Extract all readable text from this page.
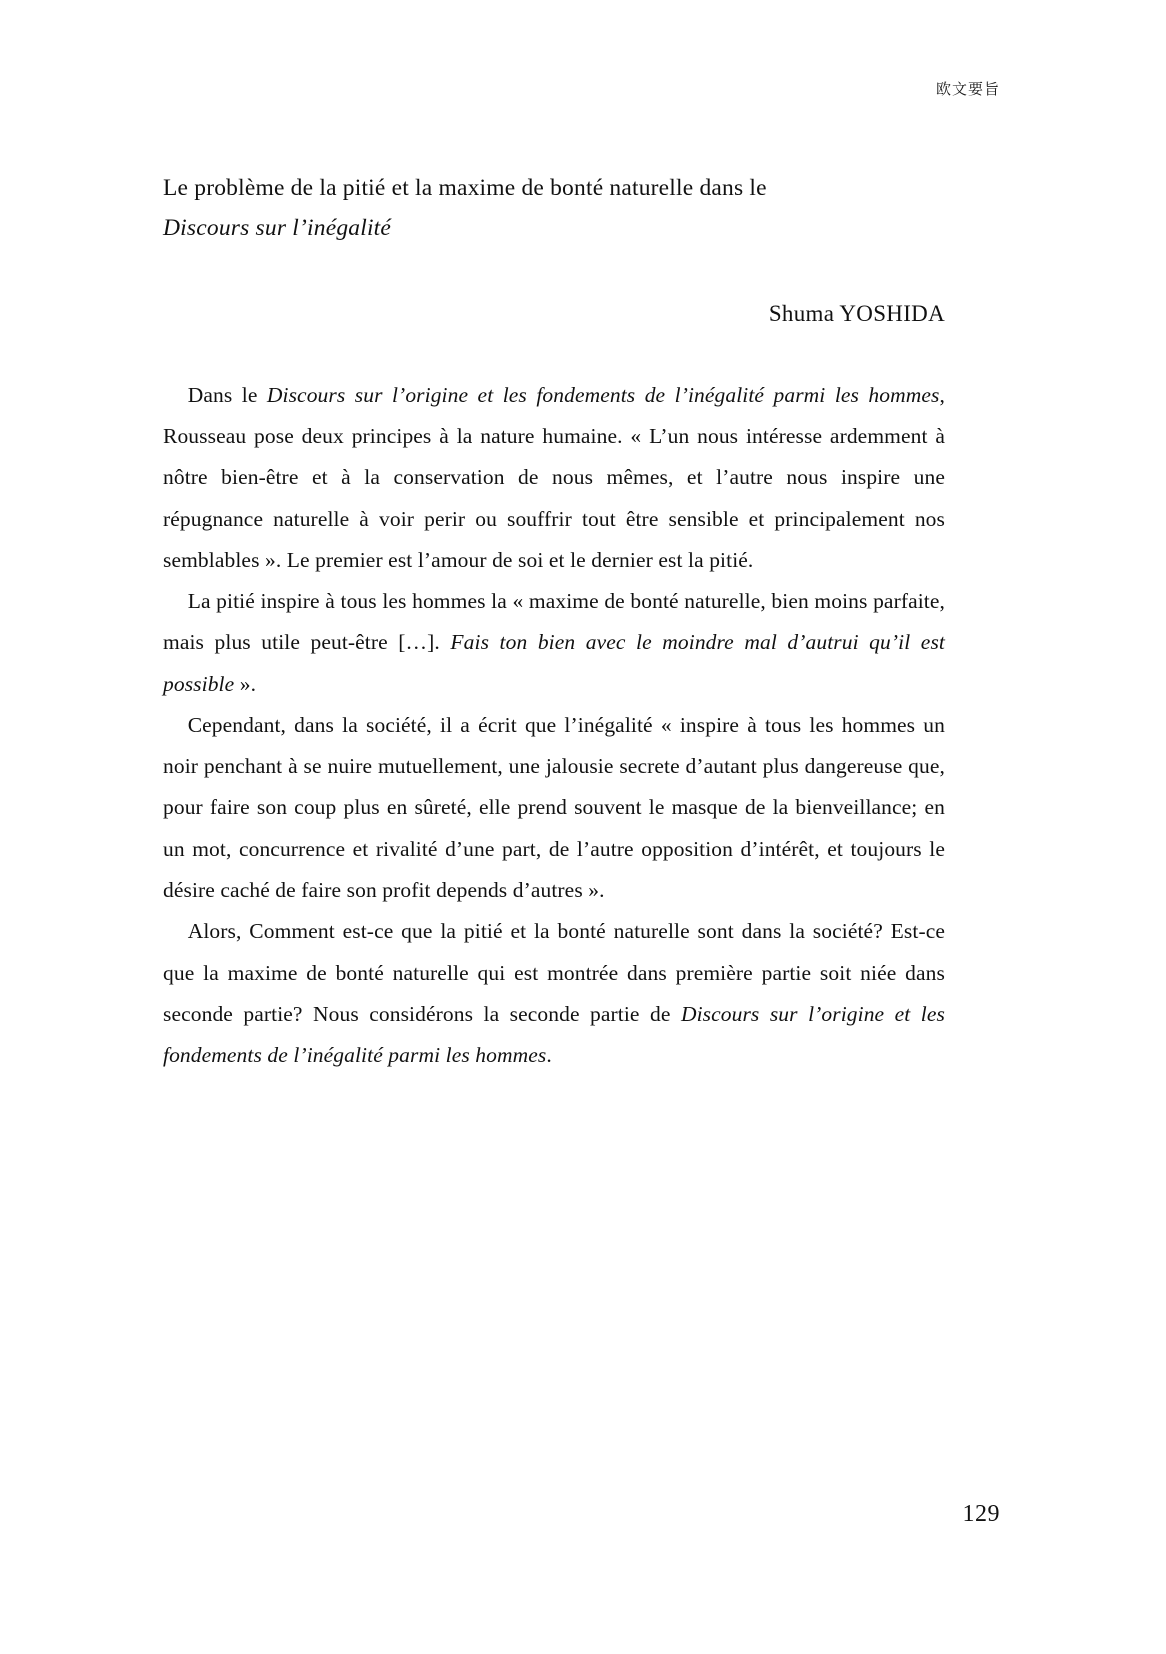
欧文要旨
Le problème de la pitié et la maxime de bonté naturelle dans le
Discours sur l’inégalité
Shuma YOSHIDA

Dans le Discours sur l’origine et les fondements de l’inégalité parmi les hommes, Rousseau pose deux principes à la nature humaine. « L’un nous intéresse ardemment à nôtre bien-être et à la conservation de nous mêmes, et l’autre nous inspire une répugnance naturelle à voir perir ou souffrir tout être sensible et principalement nos semblables ». Le premier est l’amour de soi et le dernier est la pitié.

La pitié inspire à tous les hommes la « maxime de bonté naturelle, bien moins parfaite, mais plus utile peut-être […]. Fais ton bien avec le moindre mal d’autrui qu’il est possible ».

Cependant, dans la société, il a écrit que l’inégalité « inspire à tous les hommes un noir penchant à se nuire mutuellement, une jalousie secrete d’autant plus dangereuse que, pour faire son coup plus en sûreté, elle prend souvent le masque de la bienveillance; en un mot, concurrence et rivalité d’une part, de l’autre opposition d’intérêt, et toujours le désire caché de faire son profit depends d’autres ».

Alors, Comment est-ce que la pitié et la bonté naturelle sont dans la société? Est-ce que la maxime de bonté naturelle qui est montrée dans première partie soit niée dans seconde partie? Nous considérons la seconde partie de Discours sur l’origine et les fondements de l’inégalité parmi les hommes.

129
